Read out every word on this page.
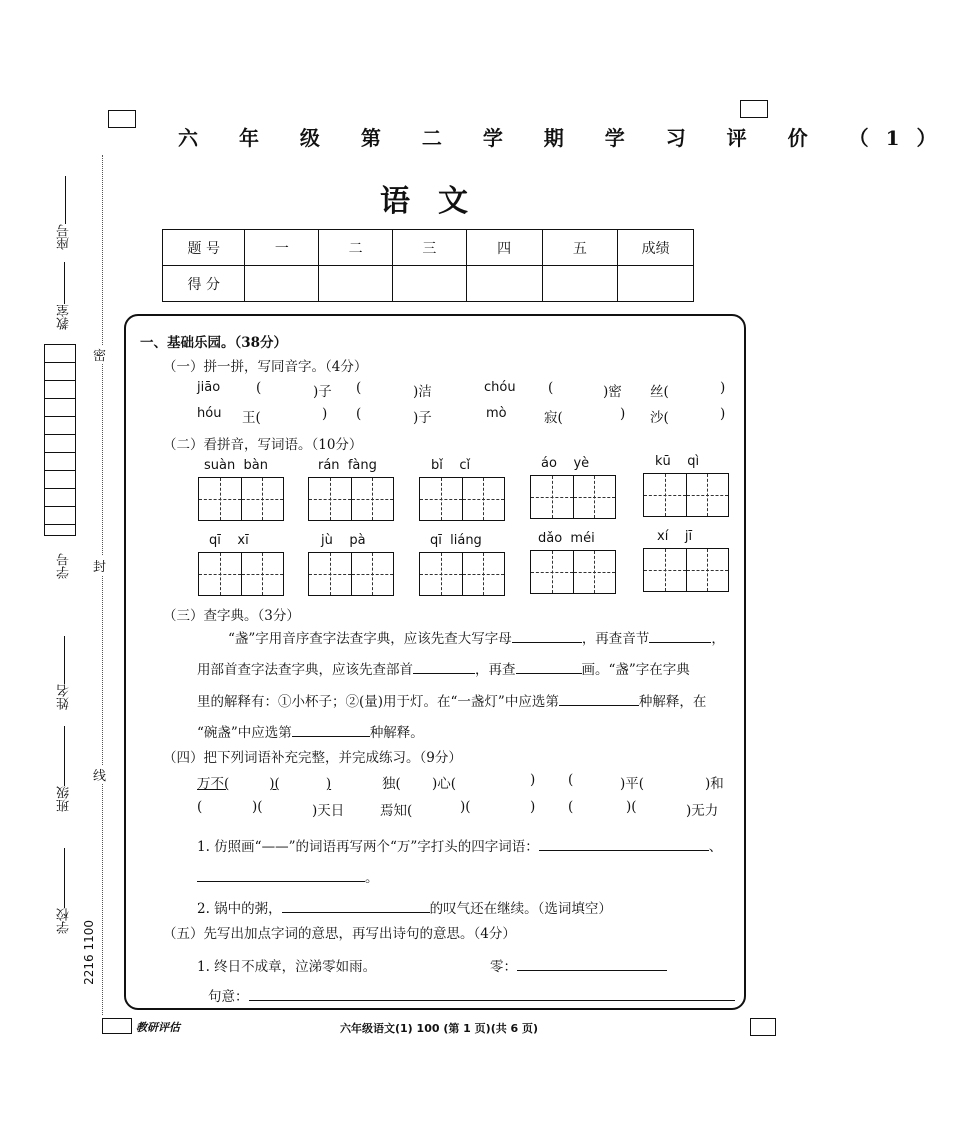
六 年 级 第 二 学 期 学 习 评 价 （1）
语文
题 号	一	二	三	四	五	成绩
得 分						
座号
教室
学号
姓名
班级
学校 2216 1100
密
封
线
一、基础乐园。（38分）
（一）拼一拼，写同音字。（4分）
jiāo	(	)子 (	)洁	chóu (	)密 丝(	)
hóu 王(	) (	)子	mò	寂(	) 沙(	)
（二）看拼音，写词语。（10分）
suàn  bàn	rán  fàng	bǐ    cǐ	áo    yè	kū    qì
qī    xī	jù    pà	qī  liáng	dǎo  méi	xí    jī
（三）查字典。（3分）
“盏”字用音序查字法查字典，应该先查大写字母	，再查音节	，
用部首查字法查字典，应该先查部首	，再查	画。“盏”字在字典
里的解释有：①小杯子；②(量)用于灯。在“一盏灯”中应选第	种解释，在
“碗盏”中应选第	种解释。
（四）把下列词语补充完整，并完成练习。（9分）
万不(	)(	)	独( )心(	) (	)平(	)和
(	)(	)天日	焉知(	)(	) (	)(	)无力
1. 仿照画“——”的词语再写两个“万”字打头的四字词语：	、
。
2. 锅中的粥，	的叹气还在继续。（选词填空）
（五）先写出加点字词的意思，再写出诗句的意思。（4分）
1. 终日不成章，泣涕零如雨。	零：
句意：
教研评估	六年级语文(1) 100 (第 1 页)(共 6 页)
